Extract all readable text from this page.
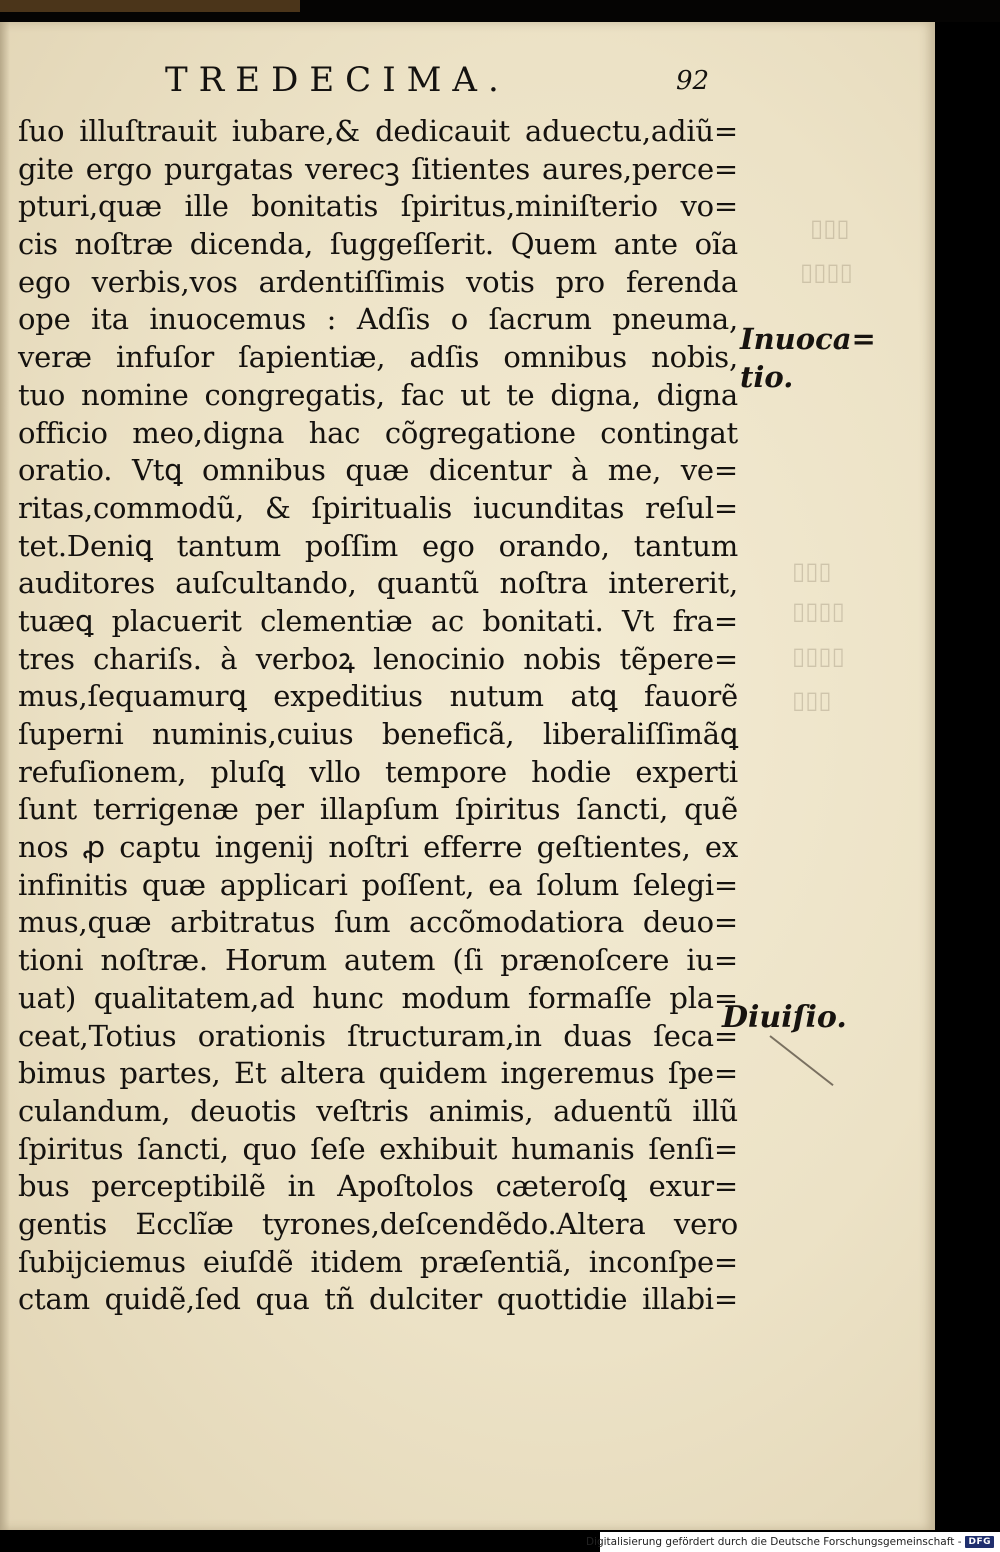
▯▯▯
▯▯▯▯
▯▯▯
▯▯▯▯
▯▯▯▯
▯▯▯
TREDECIMA.	92
ſuo illuſtrauit iubare,& dedicauit aduectu,adiũ=
gite ergo purgatas verecꝫ ſitientes aures,perce=
pturi,quæ ille bonitatis ſpiritus,miniſterio vo=
cis noſtræ dicenda, ſuggeſſerit. Quem ante oĩa
ego verbis,vos ardentiſſimis votis pro ferenda
ope ita inuocemus : Adſis o ſacrum pneuma,
veræ infuſor ſapientiæ, adſis omnibus nobis,
tuo nomine congregatis, fac ut te digna, digna
officio meo,digna hac cõgregatione contingat
oratio. Vtꝗ omnibus quæ dicentur à me, ve=
ritas,commodũ, & ſpiritualis iucunditas reſul=
tet.Deniꝗ tantum poſſim ego orando, tantum
auditores auſcultando, quantũ noſtra intererit,
tuæꝗ placuerit clementiæ ac bonitati. Vt fra=
tres chariſs. à verboꝝ lenocinio nobis tẽpere=
mus,ſequamurꝗ expeditius nutum atꝗ fauorẽ
ſuperni numinis,cuius beneficã, liberaliſſimãꝗ
refuſionem, pluſꝗ vllo tempore hodie experti
ſunt terrigenæ per illapſum ſpiritus ſancti, quẽ
nos ꝓ captu ingenij noſtri efferre geſtientes, ex
infinitis quæ applicari poſſent, ea ſolum ſelegi=
mus,quæ arbitratus ſum accõmodatiora deuo=
tioni noſtræ. Horum autem (ſi prænoſcere iu=
uat) qualitatem,ad hunc modum formaſſe pla=
ceat,Totius orationis ſtructuram,in duas ſeca=
bimus partes, Et altera quidem ingeremus ſpe=
culandum, deuotis veſtris animis, aduentũ illũ
ſpiritus ſancti, quo ſeſe exhibuit humanis ſenſi=
bus perceptibilẽ in Apoſtolos cæteroſꝗ exur=
gentis Ecclĩæ tyrones,deſcendẽdo.Altera vero
ſubijciemus eiuſdẽ itidem præſentiã, inconſpe=
ctam quidẽ,ſed qua tñ dulciter quottidie illabi=
Inuoca=
tio.
Diuiſio.
Digitalisierung gefördert durch die Deutsche Forschungsgemeinschaft - DFG
